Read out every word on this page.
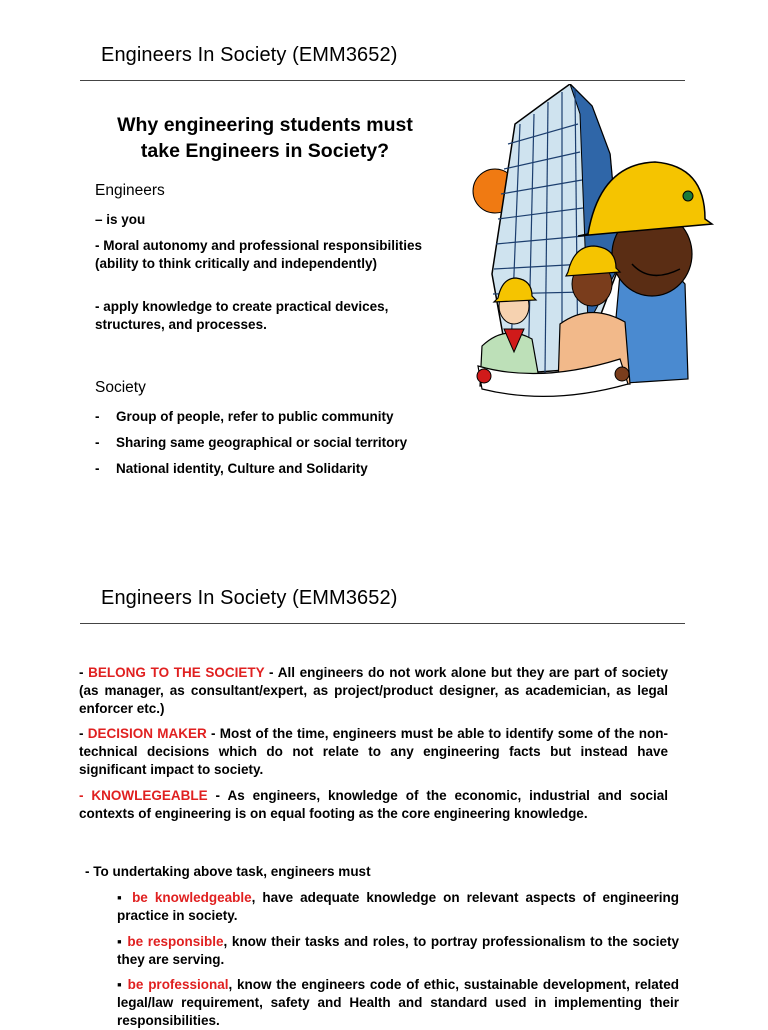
Engineers In Society (EMM3652)
Why engineering students must
take Engineers in Society?
Engineers
– is you
- Moral autonomy and professional responsibilities (ability to think critically and independently)
- apply knowledge to create practical devices, structures, and processes.
Society
- Group of people, refer to public community
- Sharing same geographical or social territory
- National identity, Culture and Solidarity
Engineers In Society (EMM3652)
- BELONG TO THE SOCIETY - All engineers do not work alone but they are part of society (as manager, as consultant/expert, as project/product designer, as academician, as legal enforcer etc.)
- DECISION MAKER - Most of the time, engineers must be able to identify some of the non-technical decisions which do not relate to any engineering facts but instead have significant impact to society.
- KNOWLEGEABLE - As engineers, knowledge of the economic, industrial and social contexts of engineering is on equal footing as the core engineering knowledge.
- To undertaking above task, engineers must
▪ be knowledgeable, have adequate knowledge on relevant aspects of engineering practice in society.
▪ be responsible, know their tasks and roles, to portray professionalism to the society they are serving.
▪ be professional, know the engineers code of ethic, sustainable development, related legal/law requirement, safety and Health and standard used in implementing their responsibilities.
